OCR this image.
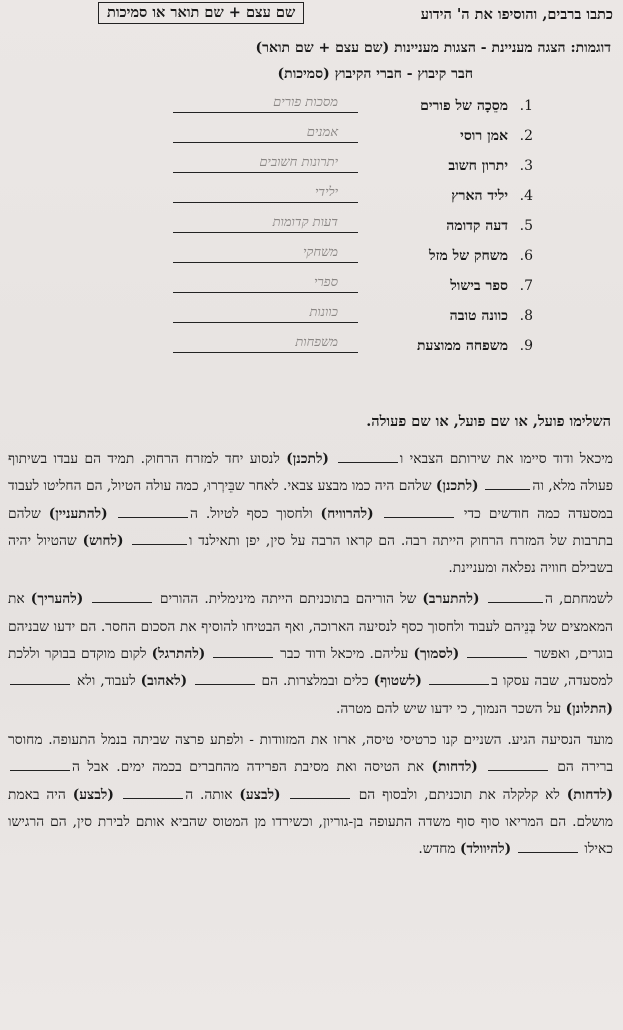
כתבו ברבים, והוסיפו את ה' הידוע
שם עצם + שם תואר או סמיכות
דוגמות: הצגה מעניינת - הצגות מעניינות (שם עצם + שם תואר)
חבר קיבוץ - חברי הקיבוץ (סמיכות)
1.
מסֵכָה של פורים
מסכות פורים
2.
אמן רוסי
אמנים
3.
יתרון חשוב
יתרונות חשובים
4.
יליד הארץ
ילידי
5.
דעה קדומה
דעות קדומות
6.
משחק של מזל
משחקי
7.
ספר בישול
ספרי
8.
כוונה טובה
כוונות
9.
משפחה ממוצעת
משפחות
השלימו פועל, או שם פועל, או שם פעולה.

מיכאל ודוד סיימו את שירותם הצבאי ו (לתכנן) לנסוע יחד למזרח הרחוק. תמיד הם עבדו בשיתוף פעולה מלא, וה (לתכנן) שלהם היה כמו מבצע צבאי. לאחר שבֵּירְרוּ, כמה עולה הטיול, הם החליטו לעבוד במסעדה כמה חודשים כדי  (להרוויח) ולחסוך כסף לטיול. ה (להתעניין) שלהם בתרבות של המזרח הרחוק הייתה רבה. הם קראו הרבה על סין, יפן ותאילנד ו (לחוש) שהטיול יהיה בשבילם חוויה נפלאה ומעניינת.

לשמחתם, ה (להתערב) של הוריהם בתוכניתם הייתה מינימלית. ההורים  (להעריך) את המאמצים של בְּנֵיהם לעבוד ולחסוך כסף לנסיעה הארוכה, ואף הבטיחו להוסיף את הסכום החסר. הם ידעו שבניהם בוגרים, ואפשר  (לסמוך) עליהם. מיכאל ודוד כבר  (להתרגל) לקום מוקדם בבוקר וללכת למסעדה, שבה עסקו ב (לשטוף) כלים ובמלצרות. הם  (לאהוב) לעבוד, ולא  (התלונן) על השכר הנמוך, כי ידעו שיש להם מטרה.

מועד הנסיעה הגיע. השניים קנו כרטיסי טיסה, ארזו את המזוודות - ולפתע פרצה שביתה בנמל התעופה. מחוסר ברירה הם  (לדחות) את הטיסה ואת מסיבת הפרידה מהחברים בכמה ימים. אבל ה (לדחות) לא קלקלה את תוכניתם, ולבסוף הם  (לבצע) אותה. ה (לבצע) היה באמת מושלם. הם המריאו סוף סוף משדה התעופה בן-גוריון, וכשירדו מן המטוס שהביא אותם לבירת סין, הם הרגישו כאילו  (להיוולד) מחדש.
